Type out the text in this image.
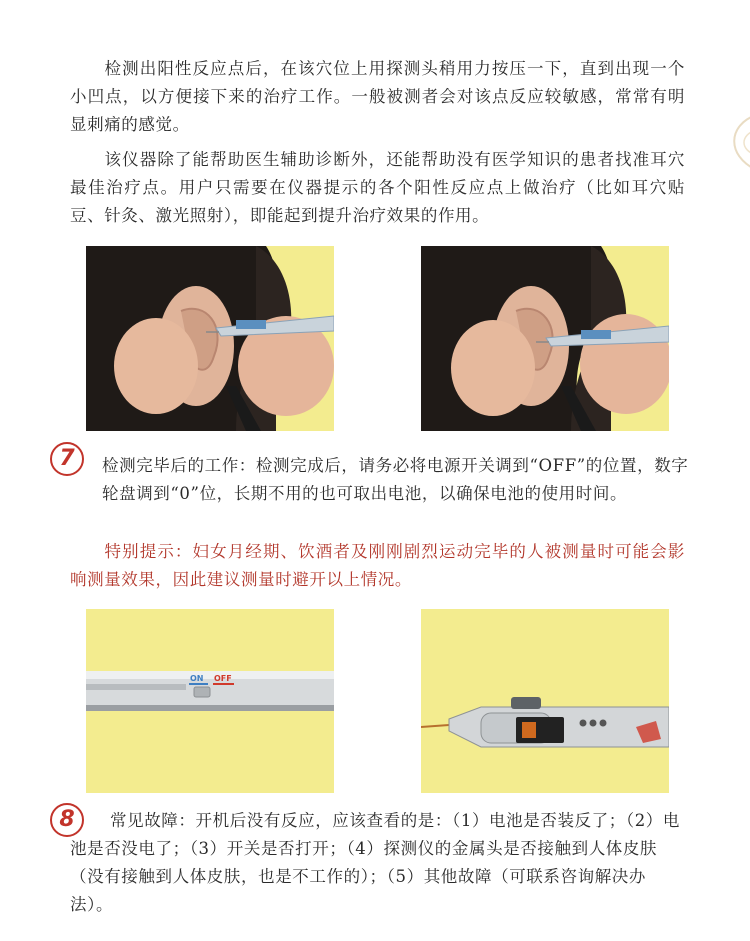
检测出阳性反应点后，在该穴位上用探测头稍用力按压一下，直到出现一个小凹点，以方便接下来的治疗工作。一般被测者会对该点反应较敏感，常常有明显刺痛的感觉。

该仪器除了能帮助医生辅助诊断外，还能帮助没有医学知识的患者找准耳穴最佳治疗点。用户只需要在仪器提示的各个阳性反应点上做治疗（比如耳穴贴豆、针灸、激光照射），即能起到提升治疗效果的作用。

7	检测完毕后的工作：检测完成后，请务必将电源开关调到“OFF”的位置，数字轮盘调到“0”位，长期不用的也可取出电池，以确保电池的使用时间。

特别提示：妇女月经期、饮酒者及刚刚剧烈运动完毕的人被测量时可能会影响测量效果，因此建议测量时避开以上情况。

ON OFF
8	常见故障：开机后没有反应，应该查看的是：（1）电池是否装反了；（2）电池是否没电了；（3）开关是否打开；（4）探测仪的金属头是否接触到人体皮肤（没有接触到人体皮肤，也是不工作的）；（5）其他故障（可联系咨询解决办法）。
